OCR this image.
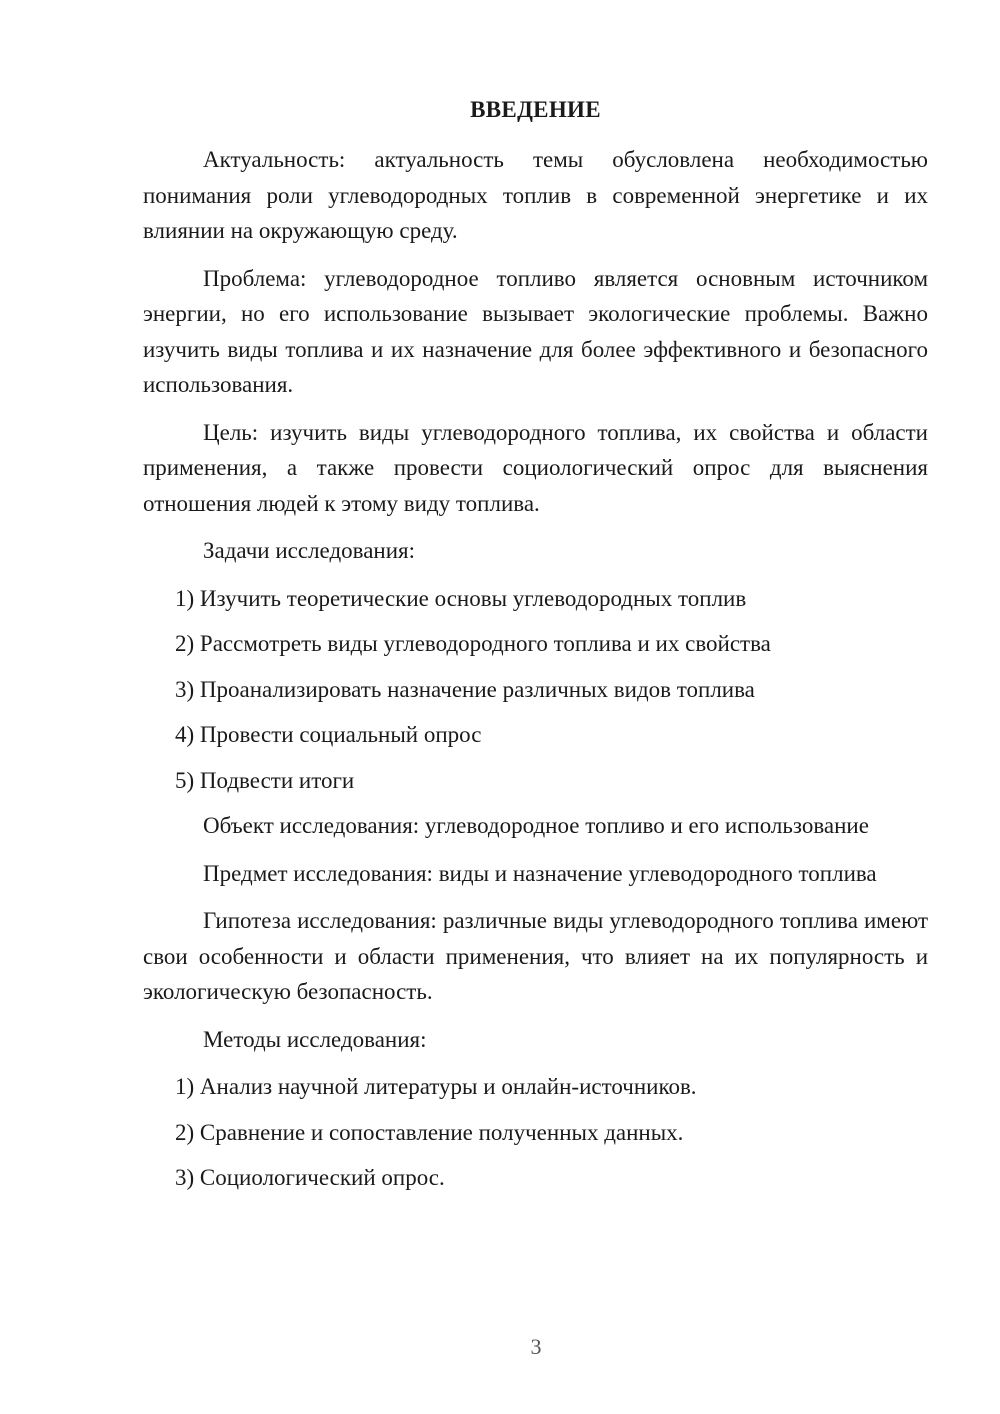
ВВЕДЕНИЕ

Актуальность: актуальность темы обусловлена необходимостью понимания роли углеводородных топлив в современной энергетике и их влиянии на окружающую среду.

Проблема: углеводородное топливо является основным источником энергии, но его использование вызывает экологические проблемы. Важно изучить виды топлива и их назначение для более эффективного и безопасного использования.

Цель: изучить виды углеводородного топлива, их свойства и области применения, а также провести социологический опрос для выяснения отношения людей к этому виду топлива.

Задачи исследования:

1) Изучить теоретические основы углеводородных топлив
2) Рассмотреть виды углеводородного топлива и их свойства
3) Проанализировать назначение различных видов топлива
4) Провести социальный опрос
5) Подвести итоги

Объект исследования: углеводородное топливо и его использование

Предмет исследования: виды и назначение углеводородного топлива

Гипотеза исследования: различные виды углеводородного топлива имеют свои особенности и области применения, что влияет на их популярность и экологическую безопасность.

Методы исследования:

1) Анализ научной литературы и онлайн-источников.
2) Сравнение и сопоставление полученных данных.
3) Социологический опрос.
3
